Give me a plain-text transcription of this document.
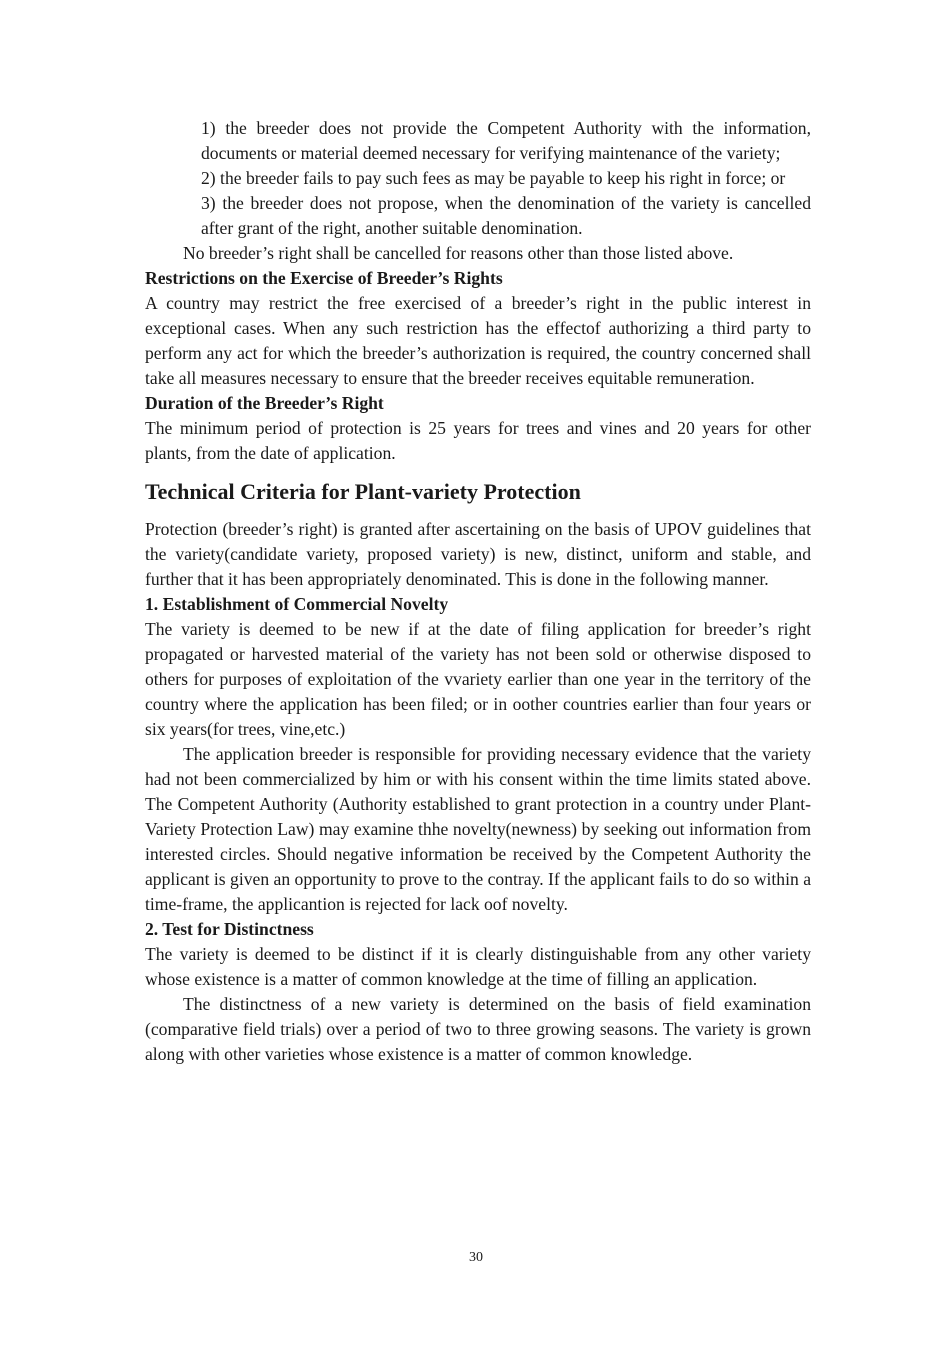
1) the breeder does not provide the Competent Authority with the information, documents or material deemed necessary for verifying maintenance of the variety;

2) the breeder fails to pay such fees as may be payable to keep his right in force; or

3) the breeder does not propose, when the denomination of the variety is cancelled after grant of the right, another suitable denomination.

No breeder’s right shall be cancelled for reasons other than those listed above.

Restrictions on the Exercise of Breeder’s Rights

A country may restrict the free exercised of a breeder’s right in the public interest in exceptional cases. When any such restriction has the effectof authorizing a third party to perform any act for which the breeder’s authorization is required, the country concerned shall take all measures necessary to ensure that the breeder receives equitable remuneration.

Duration of the Breeder’s Right

The minimum period of protection is 25 years for trees and vines and 20 years for other plants, from the date of application.

Technical Criteria for Plant-variety Protection

Protection (breeder’s right) is granted after ascertaining on the basis of UPOV guidelines that the variety(candidate variety, proposed variety) is new, distinct, uniform and stable, and further that it has been appropriately denominated. This is done in the following manner.

1. Establishment of Commercial Novelty

The variety is deemed to be new if at the date of filing application for breeder’s right propagated or harvested material of the variety has not been sold or otherwise disposed to others for purposes of exploitation of the vvariety earlier than one year in the territory of the country where the application has been filed; or in oother countries earlier than four years or six years(for trees, vine,etc.)

The application breeder is responsible for providing necessary evidence that the variety had not been commercialized by him or with his consent within the time limits stated above. The Competent Authority (Authority established to grant protection in a country under Plant-Variety Protection Law) may examine thhe novelty(newness) by seeking out information from interested circles. Should negative information be received by the Competent Authority the applicant is given an opportunity to prove to the contray. If the applicant fails to do so within a time-frame, the applicantion is rejected for lack oof novelty.

2. Test for Distinctness

The variety is deemed to be distinct if it is clearly distinguishable from any other variety whose existence is a matter of common knowledge at the time of filling an application.

The distinctness of a new variety is determined on the basis of field examination (comparative field trials) over a period of two to three growing seasons. The variety is grown along with other varieties whose existence is a matter of common knowledge.

30
